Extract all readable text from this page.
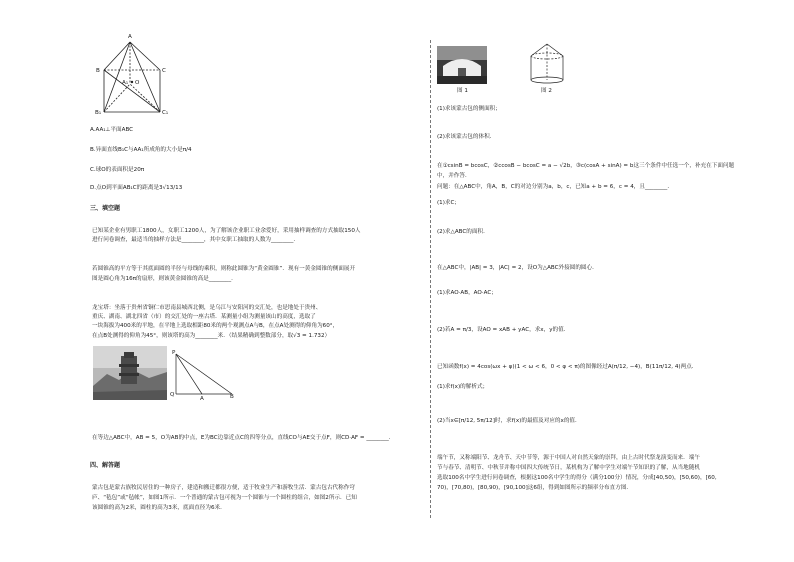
A
B	C
O
A₁
B₁	C₁
A.AA₁⊥平面ABC
B.异面直线B₁C与AA₁所成角的大小是π/4
C.球O的表面积是20π
D.点O到平面AB₁C的距离是3√13/13
三、填空题
已知某企业有男职工1800人，女职工1200人，为了解该企业职工业余爱好，采用抽样调查的方式抽取150人
进行问卷调查，最适当的抽样方法是________，其中女职工抽取的人数为________.
若圆锥高的平方等于其底面圆的半径与母线的乘积，则称此圆锥为“黄金圆锥”．现有一黄金圆锥的侧面展开
图是圆心角为16π的扇形，则该黄金圆锥的高是________.
龙宝塔：坐落于贵州省铜仁市思南县城西北侧，是乌江与安阳河的交汇处，也是地处于贵州、
重庆、湖南、湖北四省（市）的交汇处的一座古塔．某测量小组为测量该山的高度，选取了
一块海拔为400米的平地，在平地上选取相距80米的两个观测点A与B，在点A处测得的仰角为60°，
在点B处测得的仰角为45°，则该塔的高为________米．（结果精确到整数部分，取√3 = 1.732）
P
Q
A	B
在等边△ABC中，AB = 5，O为AB的中点，E为BC边靠近点C的四等分点，直线CO与AE交于点F，则CD·AF = ________.
四、解答题
蒙古包是蒙古族牧民居住的一种房子，建造和搬迁都很方便，适于牧业生产和游牧生活．蒙古包古代称作穹
庐、“毡包”或“毡帐”，如图1所示．一个普通的蒙古包可视为一个圆锥与一个圆柱的组合，如图2所示．已知
该圆锥的高为2米，圆柱的高为3米，底面直径为6米．
图 1	图 2
(1)求该蒙古包的侧面积；
(2)求该蒙古包的体积．
在①csinB = bcosC，②ccosB − bcosC = a − √2b，③c(cosA + sinA) = b这三个条件中任选一个，补充在下面问题
中，并作答．
问题：在△ABC中，角A，B，C的对边分别为a，b，c，已知a + b = 6，c = 4，且________．
(1)求C；
(2)求△ABC的面积．
在△ABC中，|AB| = 3，|AC| = 2，设O为△ABC外接圆的圆心．
(1)求AO·AB，AO·AC；
(2)若A = π/3，设AO = xAB + yAC，求x，y的值．
已知函数f(x) = 4cos(ωx + φ)(1 < ω < 6，0 < φ < π)的图像经过A(π/12, −4)，B(11π/12, 4)两点．
(1)求f(x)的解析式；
(2)当x∈[π/12, 5π/12]时，求f(x)的最值及对应的x的值．
端午节，又称端阳节、龙舟节、天中节等，源于中国人对自然天象的崇拜，由上古时代祭龙演变而来．端午
节与春节、清明节、中秋节并称中国四大传统节日，某机构为了解中学生对端午节知识的了解，从当地随机
选取100名中学生进行问卷调查，根据这100名中学生的得分（满分100分）情况，分成[40,50)，[50,60)，[60,
70)，[70,80)，[80,90)，[90,100]这6组，得到如图所示的频率分布直方图．
